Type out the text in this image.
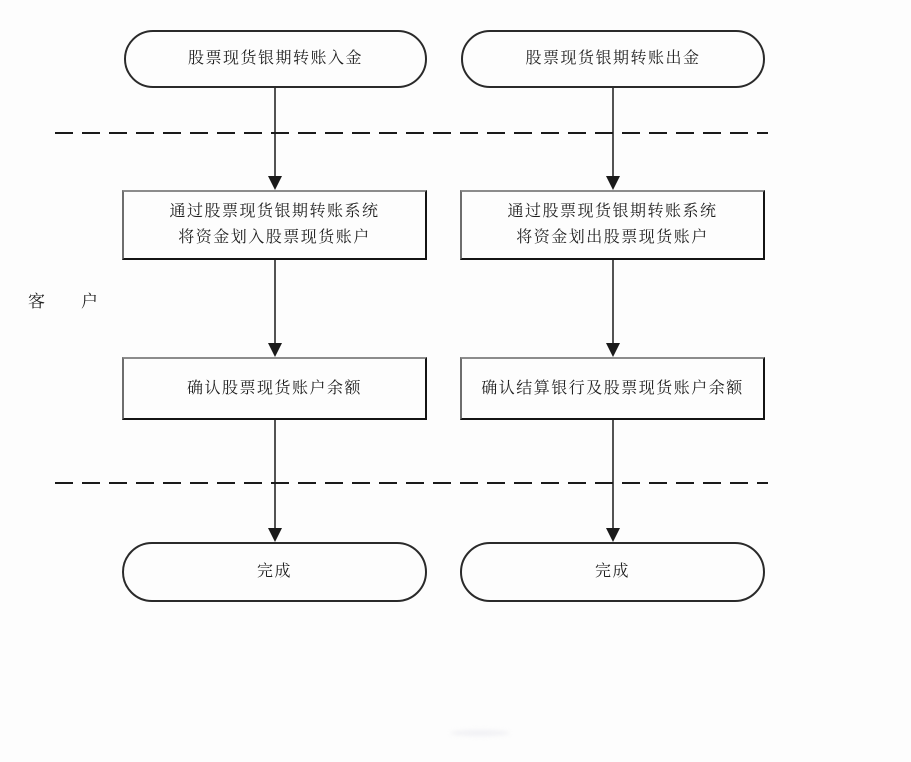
客 户
股票现货银期转账入金
通过股票现货银期转账系统
将资金划入股票现货账户
确认股票现货账户余额
完成
股票现货银期转账出金
通过股票现货银期转账系统
将资金划出股票现货账户
确认结算银行及股票现货账户余额
完成
